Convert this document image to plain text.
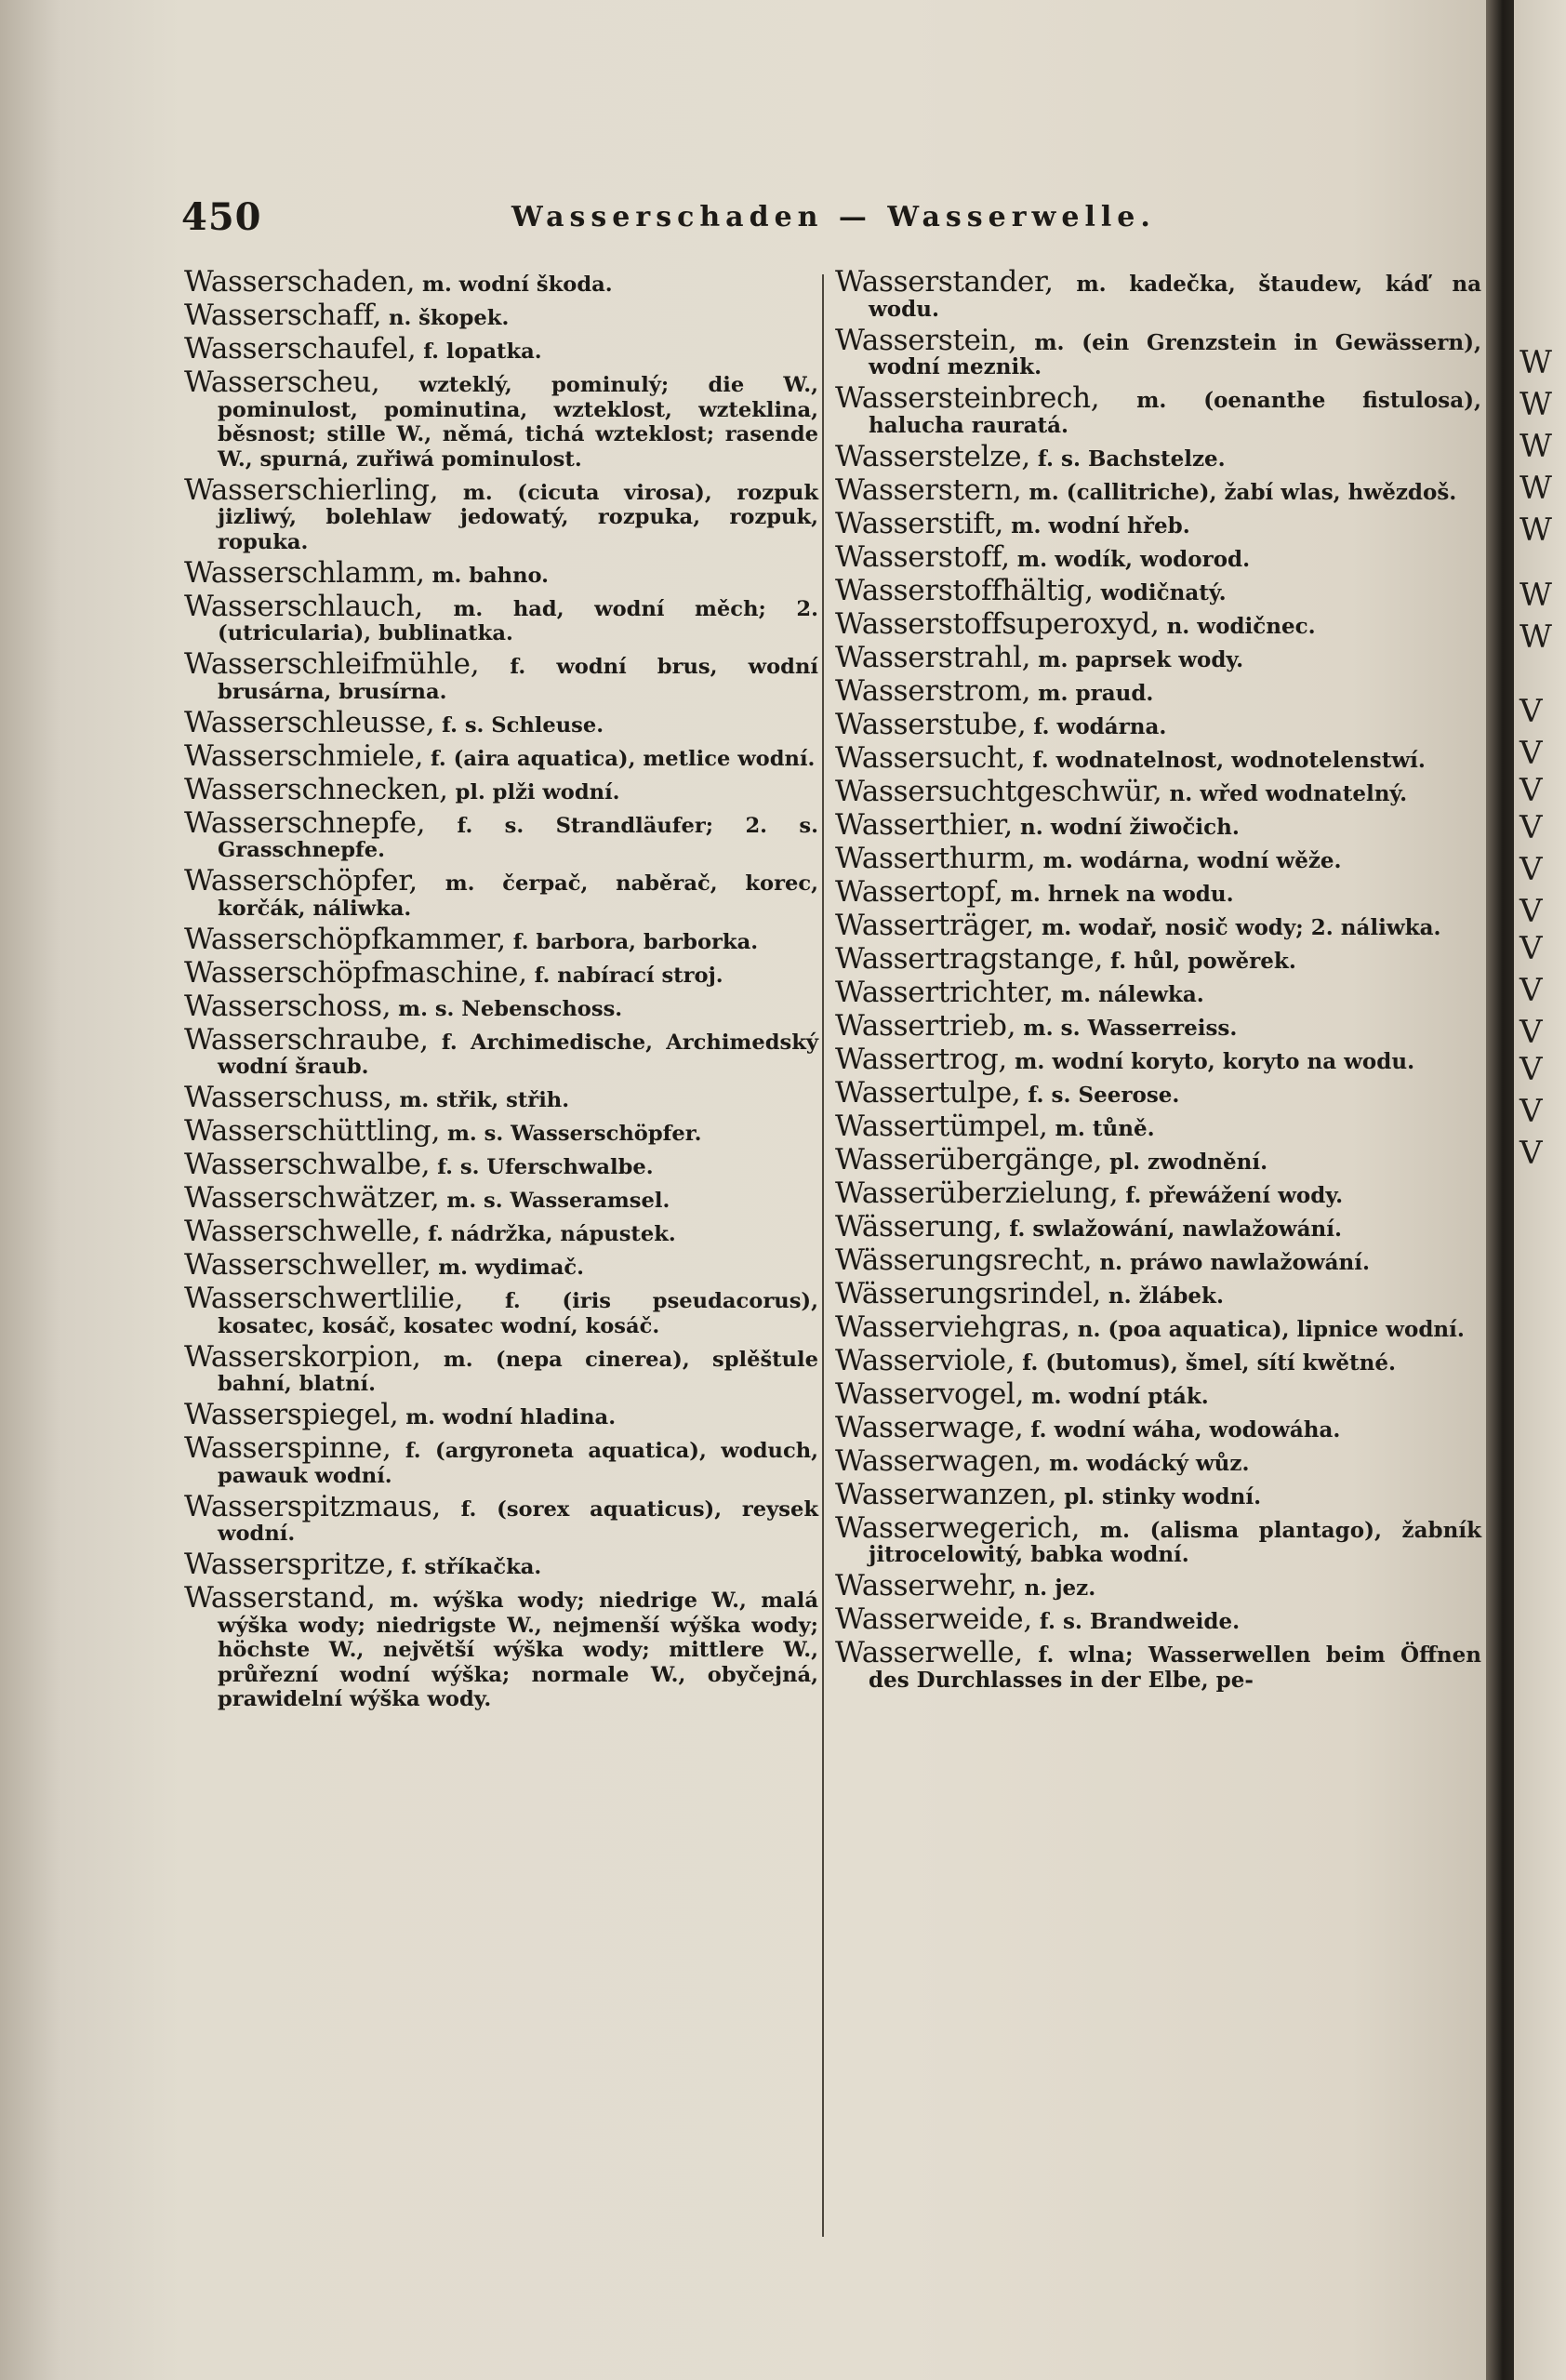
450	Wasserschaden — Wasserwelle.
Wasserschaden, m. wodní škoda.
Wasserschaff, n. škopek.
Wasserschaufel, f. lopatka.
Wasserscheu, wzteklý, pominulý; die W., pominulost, pominutina, wzteklost, wzteklina, běsnost; stille W., němá, tichá wzteklost; rasende W., spurná, zuřiwá pominulost.
Wasserschierling, m. (cicuta virosa), rozpuk jizliwý, bolehlaw jedowatý, rozpuka, rozpuk, ropuka.
Wasserschlamm, m. bahno.
Wasserschlauch, m. had, wodní měch; 2. (utricularia), bublinatka.
Wasserschleifmühle, f. wodní brus, wodní brusárna, brusírna.
Wasserschleusse, f. s. Schleuse.
Wasserschmiele, f. (aira aquatica), metlice wodní.
Wasserschnecken, pl. plži wodní.
Wasserschnepfe, f. s. Strandläufer; 2. s. Grasschnepfe.
Wasserschöpfer, m. čerpač, naběrač, korec, korčák, náliwka.
Wasserschöpfkammer, f. barbora, barborka.
Wasserschöpfmaschine, f. nabírací stroj.
Wasserschoss, m. s. Nebenschoss.
Wasserschraube, f. Archimedische, Archimedský wodní šraub.
Wasserschuss, m. střik, střih.
Wasserschüttling, m. s. Wasserschöpfer.
Wasserschwalbe, f. s. Uferschwalbe.
Wasserschwätzer, m. s. Wasseramsel.
Wasserschwelle, f. nádržka, nápustek.
Wasserschweller, m. wydimač.
Wasserschwertlilie, f. (iris pseudacorus), kosatec, kosáč, kosatec wodní, kosáč.
Wasserskorpion, m. (nepa cinerea), splěštule bahní, blatní.
Wasserspiegel, m. wodní hladina.
Wasserspinne, f. (argyroneta aquatica), woduch, pawauk wodní.
Wasserspitzmaus, f. (sorex aquaticus), reysek wodní.
Wasserspritze, f. stříkačka.
Wasserstand, m. wýška wody; niedrige W., malá wýška wody; niedrigste W., nejmenší wýška wody; höchste W., největší wýška wody; mittlere W., průřezní wodní wýška; normale W., obyčejná, prawidelní wýška wody.
Wasserstander, m. kadečka, štaudew, káď na wodu.
Wasserstein, m. (ein Grenzstein in Gewässern), wodní meznik.
Wassersteinbrech, m. (oenanthe fistulosa), halucha rauratá.
Wasserstelze, f. s. Bachstelze.
Wasserstern, m. (callitriche), žabí wlas, hwězdoš.
Wasserstift, m. wodní hřeb.
Wasserstoff, m. wodík, wodorod.
Wasserstoffhältig, wodičnatý.
Wasserstoffsuperoxyd, n. wodičnec.
Wasserstrahl, m. paprsek wody.
Wasserstrom, m. praud.
Wasserstube, f. wodárna.
Wassersucht, f. wodnatelnost, wodnotelenstwí.
Wassersuchtgeschwür, n. wřed wodnatelný.
Wasserthier, n. wodní žiwočich.
Wasserthurm, m. wodárna, wodní wěže.
Wassertopf, m. hrnek na wodu.
Wasserträger, m. wodař, nosič wody; 2. náliwka.
Wassertragstange, f. hůl, powěrek.
Wassertrichter, m. nálewka.
Wassertrieb, m. s. Wasserreiss.
Wassertrog, m. wodní koryto, koryto na wodu.
Wassertulpe, f. s. Seerose.
Wassertümpel, m. tůně.
Wasserübergänge, pl. zwodnění.
Wasserüberzielung, f. přewážení wody.
Wässerung, f. swlažowání, nawlažowání.
Wässerungsrecht, n. práwo nawlažowání.
Wässerungsrindel, n. žlábek.
Wasserviehgras, n. (poa aquatica), lipnice wodní.
Wasserviole, f. (butomus), šmel, sítí kwětné.
Wasservogel, m. wodní pták.
Wasserwage, f. wodní wáha, wodowáha.
Wasserwagen, m. wodácký wůz.
Wasserwanzen, pl. stinky wodní.
Wasserwegerich, m. (alisma plantago), žabník jitrocelowitý, babka wodní.
Wasserwehr, n. jez.
Wasserweide, f. s. Brandweide.
Wasserwelle, f. wlna; Wasserwellen beim Öffnen des Durchlasses in der Elbe, pe-
W
W
W
W
W
W
W
V
V
V
V
V
V
V
V
V
V
V
V
